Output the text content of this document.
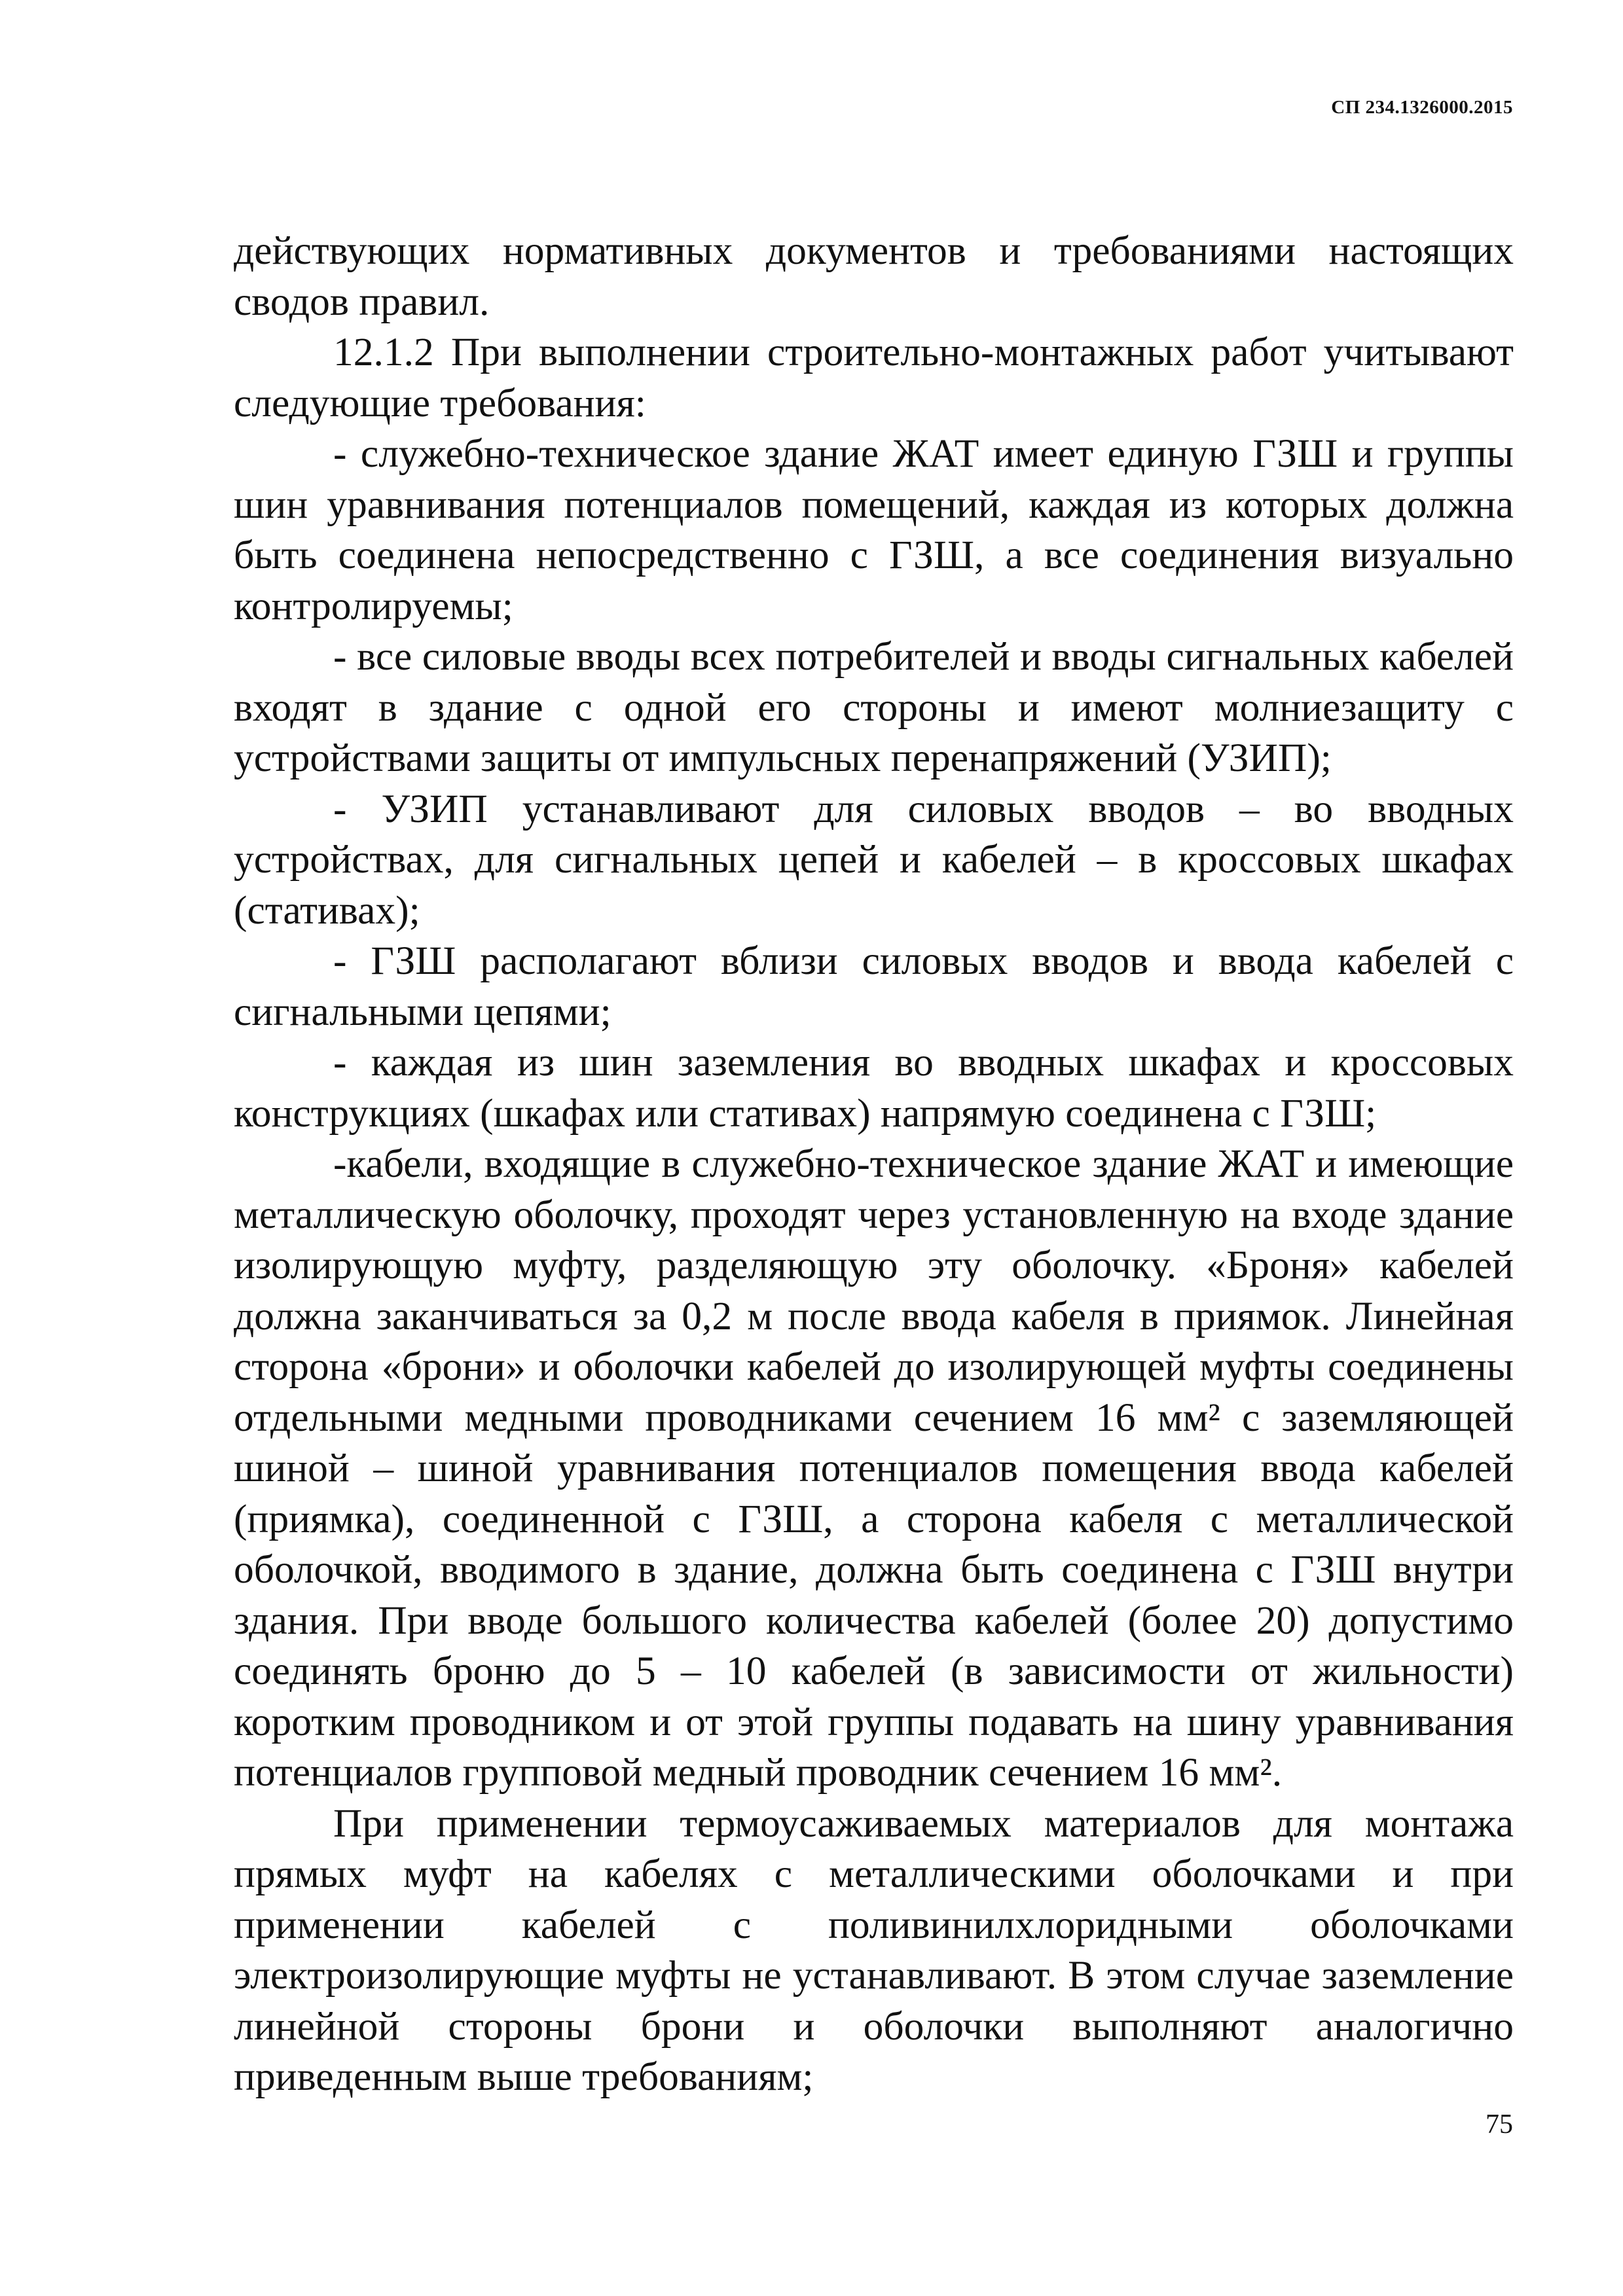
СП 234.1326000.2015

действующих нормативных документов и требованиями настоящих сводов правил.

12.1.2 При выполнении строительно-монтажных работ учитывают следующие требования:

- служебно-техническое здание ЖАТ имеет единую ГЗШ и группы шин уравнивания потенциалов помещений, каждая из которых должна быть соединена непосредственно с ГЗШ, а все соединения визуально контролируемы;

- все силовые вводы всех потребителей и вводы сигнальных кабелей входят в здание с одной его стороны и имеют молниезащиту с устройствами защиты от импульсных перенапряжений (УЗИП);

- УЗИП устанавливают для силовых вводов – во вводных устройствах, для сигнальных цепей и кабелей – в кроссовых шкафах (стативах);

- ГЗШ располагают вблизи силовых вводов и ввода кабелей с сигнальными цепями;

- каждая из шин заземления во вводных шкафах и кроссовых конструкциях (шкафах или стативах) напрямую соединена с ГЗШ;

-кабели, входящие в служебно-техническое здание ЖАТ и имеющие металлическую оболочку, проходят через установленную на входе здание изолирующую муфту, разделяющую эту оболочку. «Броня» кабелей должна заканчиваться за 0,2 м после ввода кабеля в приямок. Линейная сторона «брони» и оболочки кабелей до изолирующей муфты соединены отдельными медными проводниками сечением 16 мм² с заземляющей шиной – шиной уравнивания потенциалов помещения ввода кабелей (приямка), соединенной с ГЗШ, а сторона кабеля с металлической оболочкой, вводимого в здание, должна быть соединена с ГЗШ внутри здания. При вводе большого количества кабелей (более 20) допустимо соединять броню до 5 – 10 кабелей (в зависимости от жильности) коротким проводником и от этой группы подавать на шину уравнивания потенциалов групповой медный проводник сечением 16 мм².

При применении термоусаживаемых материалов для монтажа прямых муфт на кабелях с металлическими оболочками и при применении кабелей с поливинилхлоридными оболочками электроизолирующие муфты не устанавливают. В этом случае заземление линейной стороны брони и оболочки выполняют аналогично приведенным выше требованиям;

75
